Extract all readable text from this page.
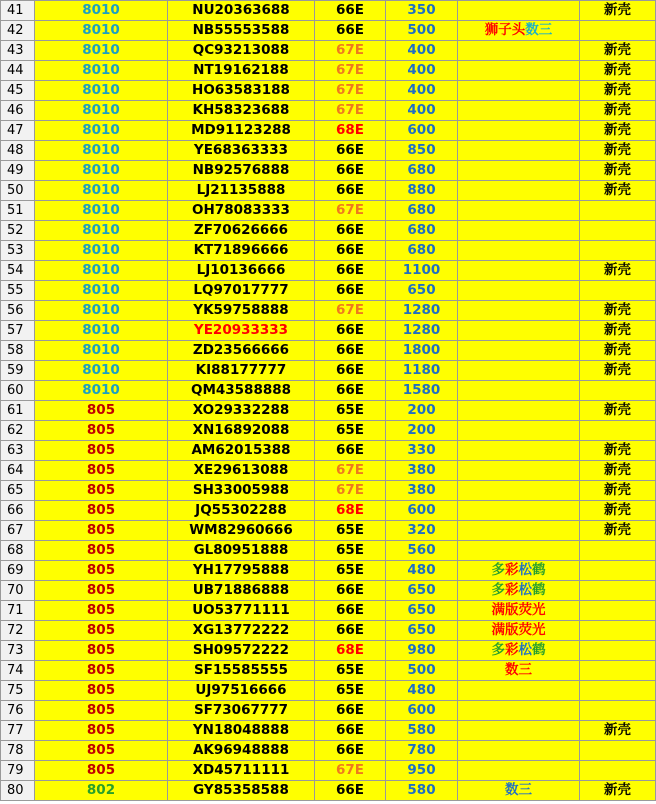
41	8010	NU20363688	66E	350		新壳
42	8010	NB55553588	66E	500	狮子头数三	
43	8010	QC93213088	67E	400		新壳
44	8010	NT19162188	67E	400		新壳
45	8010	HO63583188	67E	400		新壳
46	8010	KH58323688	67E	400		新壳
47	8010	MD91123288	68E	600		新壳
48	8010	YE68363333	66E	850		新壳
49	8010	NB92576888	66E	680		新壳
50	8010	LJ21135888	66E	880		新壳
51	8010	OH78083333	67E	680		
52	8010	ZF70626666	66E	680		
53	8010	KT71896666	66E	680		
54	8010	LJ10136666	66E	1100		新壳
55	8010	LQ97017777	66E	650		
56	8010	YK59758888	67E	1280		新壳
57	8010	YE20933333	66E	1280		新壳
58	8010	ZD23566666	66E	1800		新壳
59	8010	KI88177777	66E	1180		新壳
60	8010	QM43588888	66E	1580		
61	805	XO29332288	65E	200		新壳
62	805	XN16892088	65E	200		
63	805	AM62015388	66E	330		新壳
64	805	XE29613088	67E	380		新壳
65	805	SH33005988	67E	380		新壳
66	805	JQ55302288	68E	600		新壳
67	805	WM82960666	65E	320		新壳
68	805	GL80951888	65E	560		
69	805	YH17795888	65E	480	多彩松鹤	
70	805	UB71886888	66E	650	多彩松鹤	
71	805	UO53771111	66E	650	满版荧光	
72	805	XG13772222	66E	650	满版荧光	
73	805	SH09572222	68E	980	多彩松鹤	
74	805	SF15585555	65E	500	数三	
75	805	UJ97516666	65E	480		
76	805	SF73067777	66E	600		
77	805	YN18048888	66E	580		新壳
78	805	AK96948888	66E	780		
79	805	XD45711111	67E	950		
80	802	GY85358588	66E	580	数三	新壳
